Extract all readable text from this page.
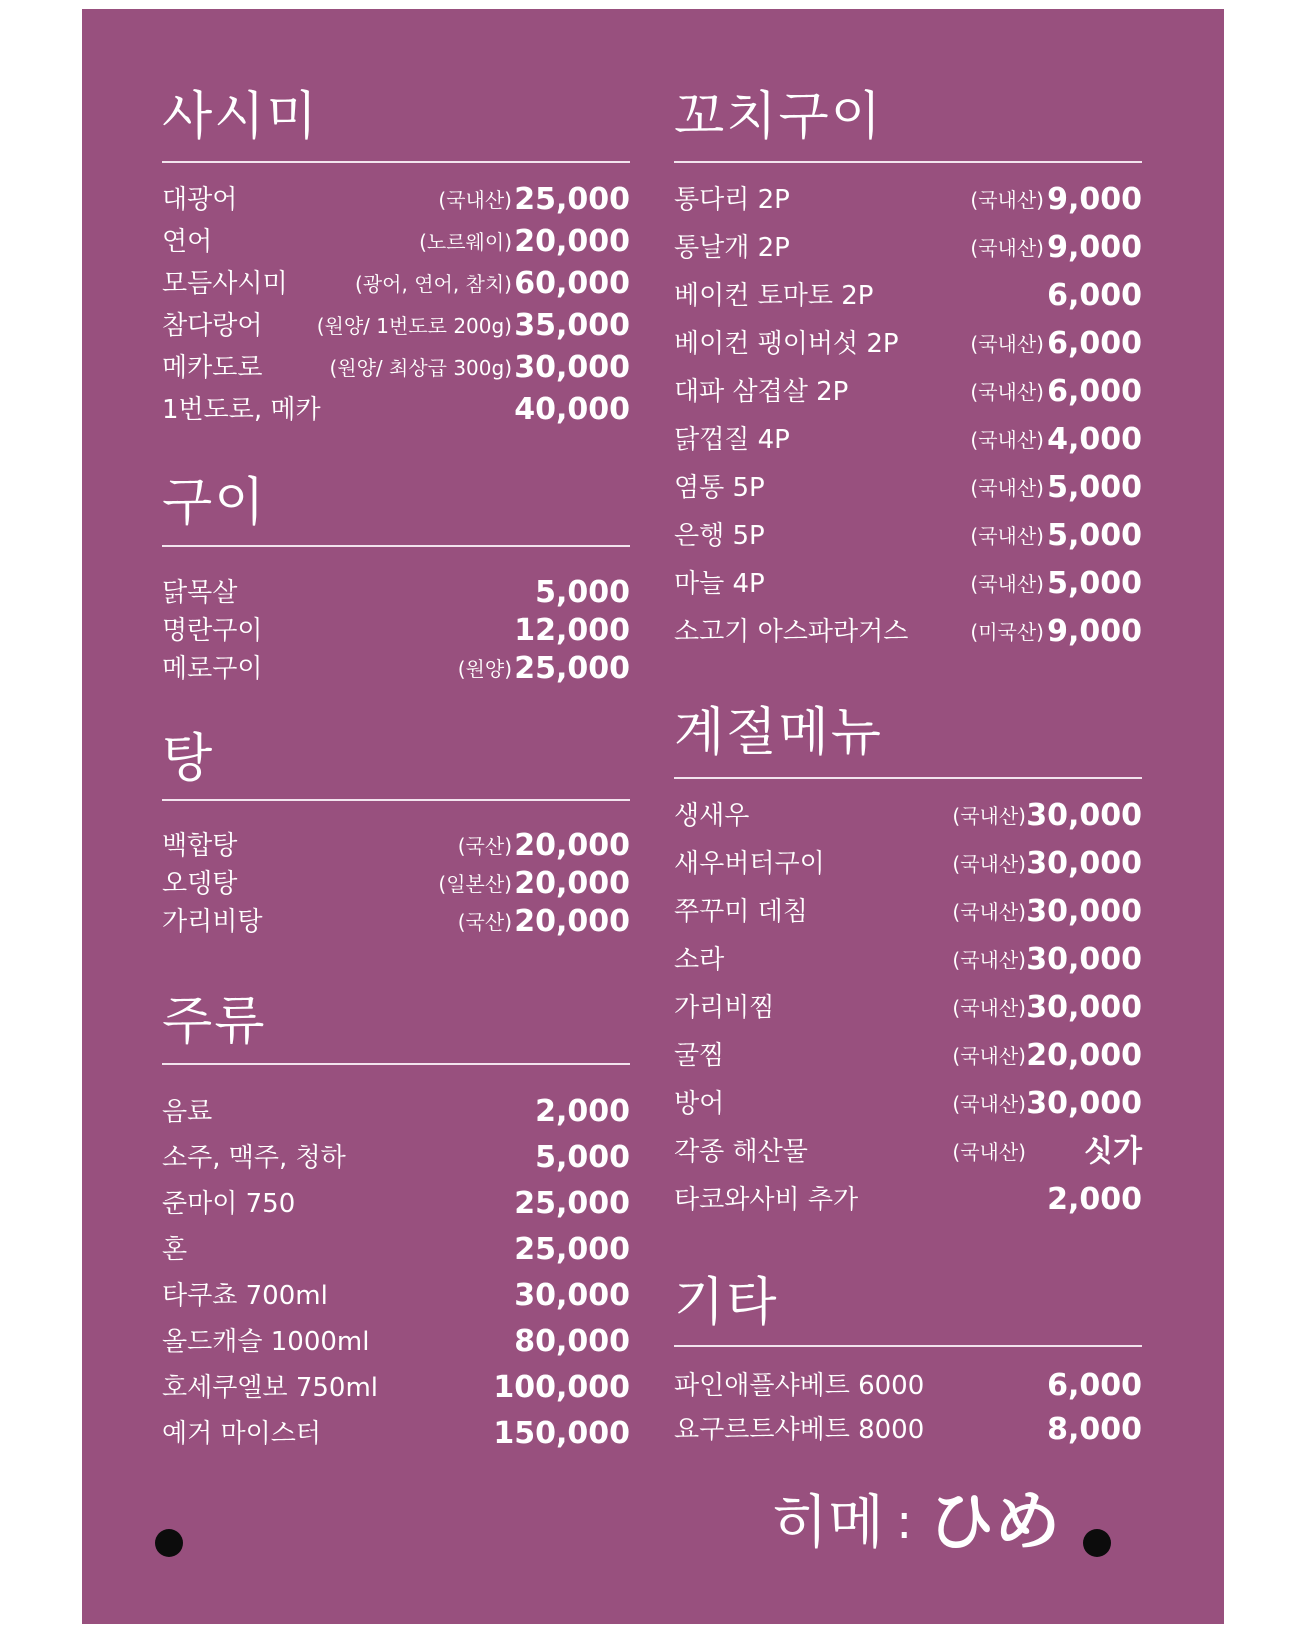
사시미
대광어	(국내산) 25,000
연어	(노르웨이) 20,000
모듬사시미	(광어, 연어, 참치) 60,000
참다랑어	(원양/ 1번도로 200g) 35,000
메카도로	(원양/ 최상급 300g) 30,000
1번도로, 메카	40,000
구이
닭목살	5,000
명란구이	12,000
메로구이	(원양) 25,000
탕
백합탕	(국산) 20,000
오뎅탕	(일본산) 20,000
가리비탕	(국산) 20,000
주류
음료	2,000
소주, 맥주, 청하	5,000
준마이 750	25,000
혼	25,000
타쿠쵸 700ml	30,000
올드캐슬 1000ml	80,000
호세쿠엘보 750ml	100,000
예거 마이스터	150,000
꼬치구이
통다리 2P	(국내산) 9,000
통날개 2P	(국내산) 9,000
베이컨 토마토 2P	6,000
베이컨 팽이버섯 2P	(국내산) 6,000
대파 삼겹살 2P	(국내산) 6,000
닭껍질 4P	(국내산) 4,000
염통 5P	(국내산) 5,000
은행 5P	(국내산) 5,000
마늘 4P	(국내산) 5,000
소고기 아스파라거스	(미국산) 9,000
계절메뉴
생새우	(국내산) 30,000
새우버터구이	(국내산) 30,000
쭈꾸미 데침	(국내산) 30,000
소라	(국내산) 30,000
가리비찜	(국내산) 30,000
굴찜	(국내산) 20,000
방어	(국내산) 30,000
각종 해산물	(국내산) 싯가
타코와사비 추가	2,000
기타
파인애플샤베트 6000	6,000
요구르트샤베트 8000	8,000
히메 : ひめ
